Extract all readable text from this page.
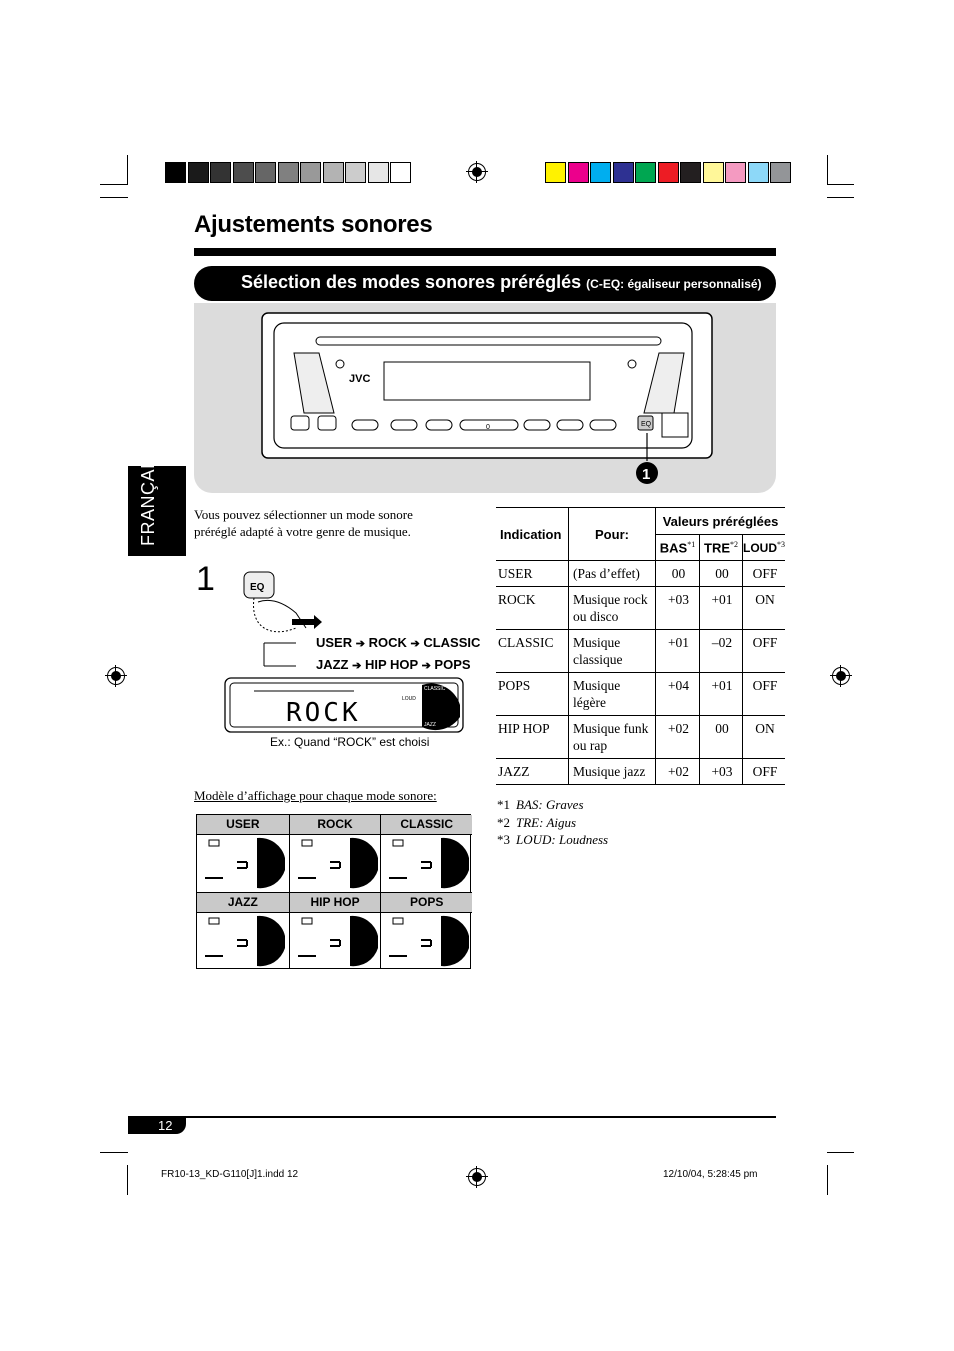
Ajustements sonores
Sélection des modes sonores préréglés (C-EQ: égaliseur personnalisé)
JVC
0	EQ
1
FRANÇAIS	Vous pouvez sélectionner un mode sonore préréglé adapté à votre genre de musique.
1	EQ
USER ➔ ROCK ➔ CLASSIC
JAZZ ➔ HIP HOP ➔ POPS
ROCK
CLASSIC
JAZZ
LOUD
Ex.: Quand “ROCK” est choisi
Modèle d’affichage pour chaque mode sonore:
USER	ROCK	CLASSIC
JAZZ	HIP HOP	POPS
Indication	Pour:	Valeurs préréglées		
		BAS$^{*1}$	TRE$^{*2}$	LOUD$^{*3}$
USER	(Pas d’effet)	00	00	OFF
ROCK	Musique rock ou disco	+03	+01	ON
CLASSIC	Musique classique	+01	–02	OFF
POPS	Musique légère	+04	+01	OFF
HIP HOP	Musique funk ou rap	+02	00	ON
JAZZ	Musique jazz	+02	+03	OFF
*1 BAS: Graves
*2 TRE: Aigus
*3 LOUD: Loudness
12
FR10-13_KD-G110[J]1.indd 12	12/10/04, 5:28:45 pm
